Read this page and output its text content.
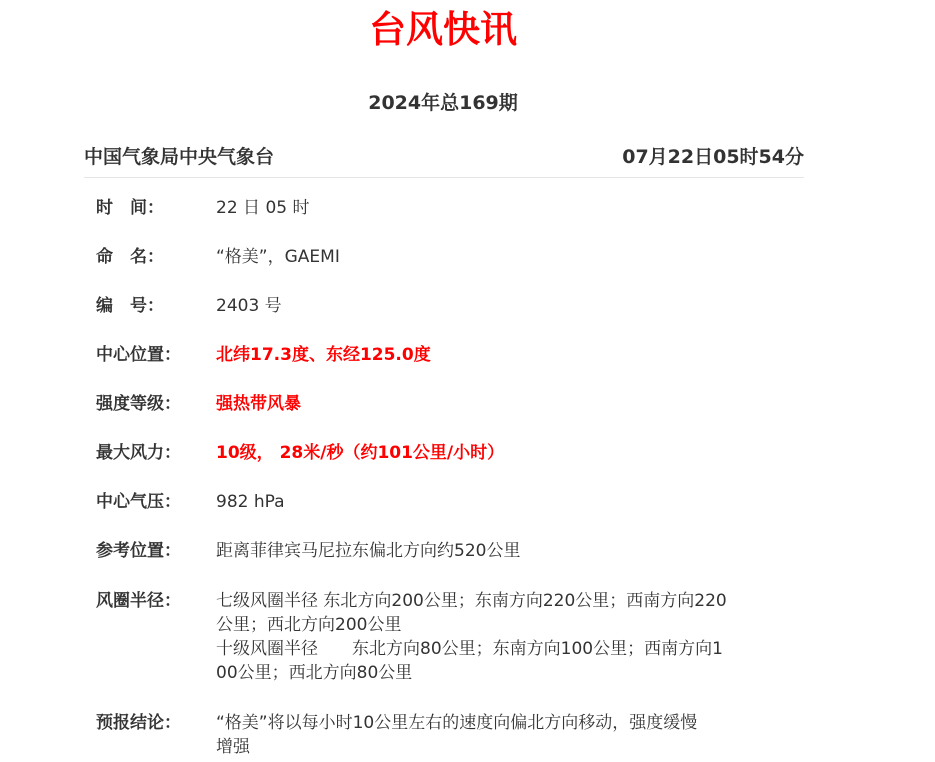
台风快讯
2024年总169期
中国气象局中央气象台	07月22日05时54分
时　间：	22 日 05 时
命　名：	“格美”，GAEMI
编　号：	2403 号
中心位置：	北纬17.3度、东经125.0度
强度等级：	强热带风暴
最大风力：	10级， 28米/秒（约101公里/小时）
中心气压：	982 hPa
参考位置：	距离菲律宾马尼拉东偏北方向约520公里
风圈半径：	七级风圈半径 东北方向200公里；东南方向220公里；西南方向220
公里；西北方向200公里
十级风圈半径　　东北方向80公里；东南方向100公里；西南方向1
00公里；西北方向80公里
预报结论：	“格美”将以每小时10公里左右的速度向偏北方向移动，强度缓慢
增强
